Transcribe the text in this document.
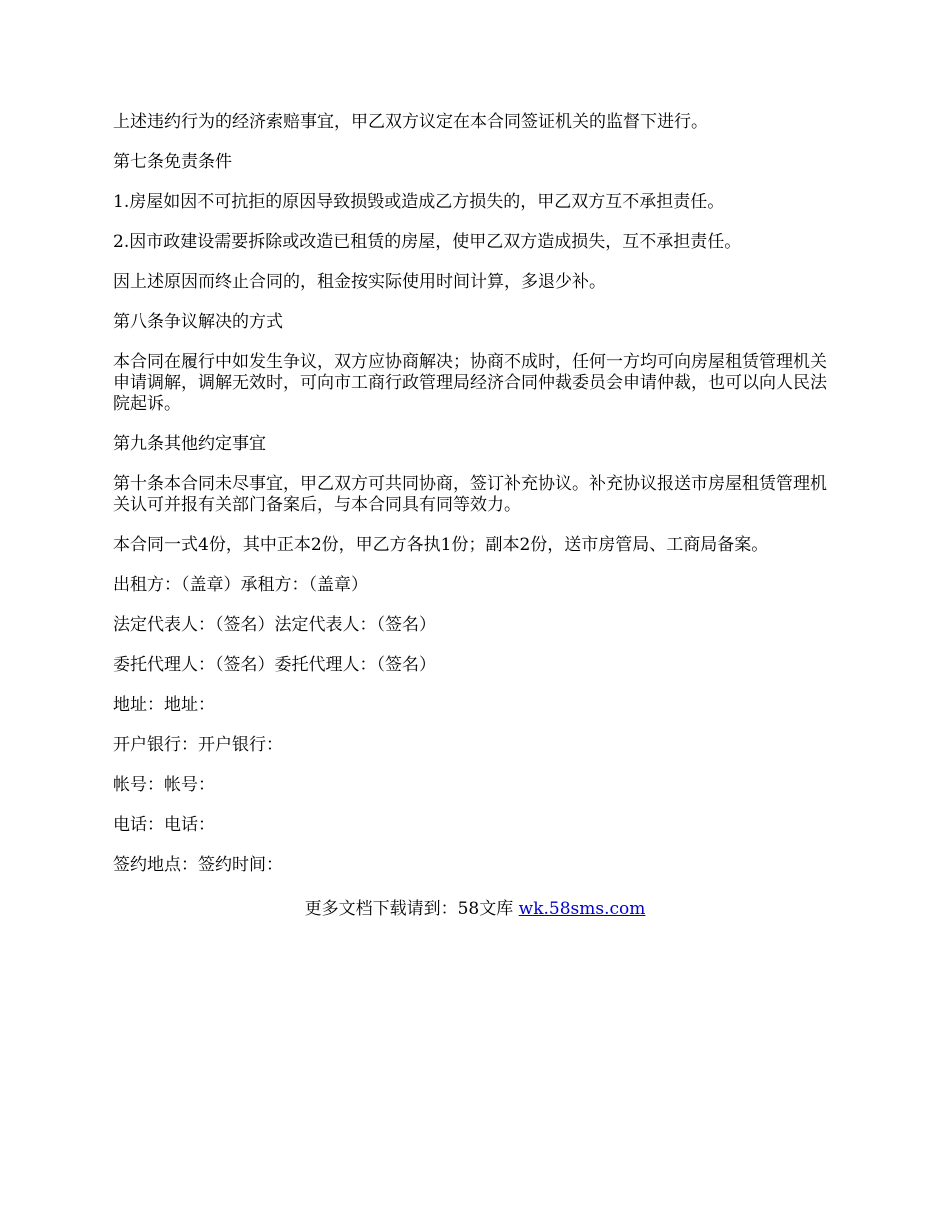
上述违约行为的经济索赔事宜，甲乙双方议定在本合同签证机关的监督下进行。

第七条免责条件

1.房屋如因不可抗拒的原因导致损毁或造成乙方损失的，甲乙双方互不承担责任。

2.因市政建设需要拆除或改造已租赁的房屋，使甲乙双方造成损失，互不承担责任。

因上述原因而终止合同的，租金按实际使用时间计算，多退少补。

第八条争议解决的方式

本合同在履行中如发生争议，双方应协商解决；协商不成时，任何一方均可向房屋租赁管理机关申请调解，调解无效时，可向市工商行政管理局经济合同仲裁委员会申请仲裁，也可以向人民法院起诉。

第九条其他约定事宜

第十条本合同未尽事宜，甲乙双方可共同协商，签订补充协议。补充协议报送市房屋租赁管理机关认可并报有关部门备案后，与本合同具有同等效力。

本合同一式4份，其中正本2份，甲乙方各执1份；副本2份，送市房管局、工商局备案。

出租方：（盖章）承租方：（盖章）

法定代表人：（签名）法定代表人：（签名）

委托代理人：（签名）委托代理人：（签名）

地址：地址：

开户银行：开户银行：

帐号：帐号：

电话：电话：

签约地点：签约时间：

更多文档下载请到：58文库 wk.58sms.com
